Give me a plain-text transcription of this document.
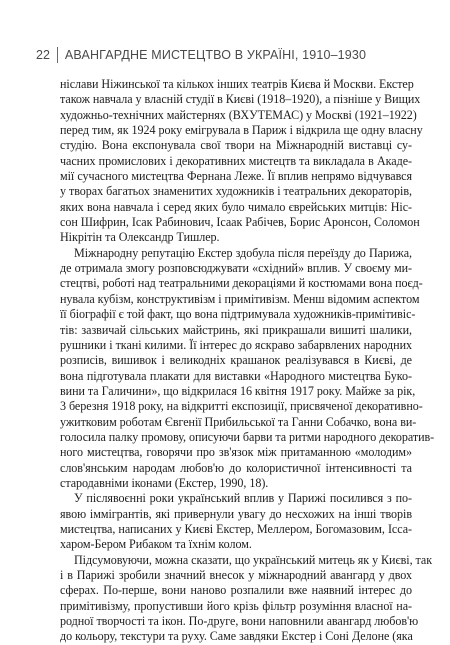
22 АВАНГАРДНЕ МИСТЕЦТВО В УКРАЇНІ, 1910–1930
ніслави Ніжинської та кількох інших театрів Києва й Москви. Екстер
також навчала у власній студії в Києві (1918–1920), а пізніше у Вищих
художньо-технічних майстернях (ВХУТЕМАС) у Москві (1921–1922)
перед тим, як 1924 року емігрувала в Париж і відкрила ще одну власну
студію. Вона експонувала свої твори на Міжнародній виставці су-
часних промислових і декоративних мистецтв та викладала в Акаде-
мії сучасного мистецтва Фернана Леже. Її вплив непрямо відчувався
у творах багатьох знаменитих художників і театральних декораторів,
яких вона навчала і серед яких було чимало єврейських митців: Ніс-
сон Шифрин, Ісак Рабинович, Ісаак Рабічев, Борис Аронсон, Соломон
Нікрітін та Олександр Тишлер.
Міжнародну репутацію Екстер здобула після переїзду до Парижа,
де отримала змогу розповсюджувати «східний» вплив. У своєму ми-
стецтві, роботі над театральними декораціями й костюмами вона поєд-
нувала кубізм, конструктивізм і примітивізм. Менш відомим аспектом
її біографії є той факт, що вона підтримувала художників-примітивіс-
тів: зазвичай сільських майстринь, які прикрашали вишиті шалики,
рушники і ткані килими. Її інтерес до яскраво забарвлених народних
розписів, вишивок і великодніх крашанок реалізувався в Києві, де
вона підготувала плакати для виставки «Народного мистецтва Буко-
вини та Галичини», що відкрилася 16 квітня 1917 року. Майже за рік,
3 березня 1918 року, на відкритті експозиції, присвяченої декоративно-
ужитковим роботам Євгенії Прибильської та Ганни Собачко, вона ви-
голосила палку промову, описуючи барви та ритми народного декоратив-
ного мистецтва, говорячи про зв'язок між притаманною «молодим»
слов'янським народам любов'ю до колористичної інтенсивності та
стародавніми іконами (Екстер, 1990, 18).
У післявоєнні роки український вплив у Парижі посилився з по-
явою іммігрантів, які привернули увагу до несхожих на інші творів
мистецтва, написаних у Києві Екстер, Меллером, Богомазовим, Ісса-
харом-Бером Рибаком та їхнім колом.
Підсумовуючи, можна сказати, що український митець як у Києві, так
і в Парижі зробили значний внесок у міжнародний авангард у двох
сферах. По-перше, вони наново розпалили вже наявний інтерес до
примітивізму, пропустивши його крізь фільтр розуміння власної на-
родної творчості та ікон. По-друге, вони наповнили авангард любов'ю
до кольору, текстури та руху. Саме завдяки Екстер і Соні Делоне (яка
